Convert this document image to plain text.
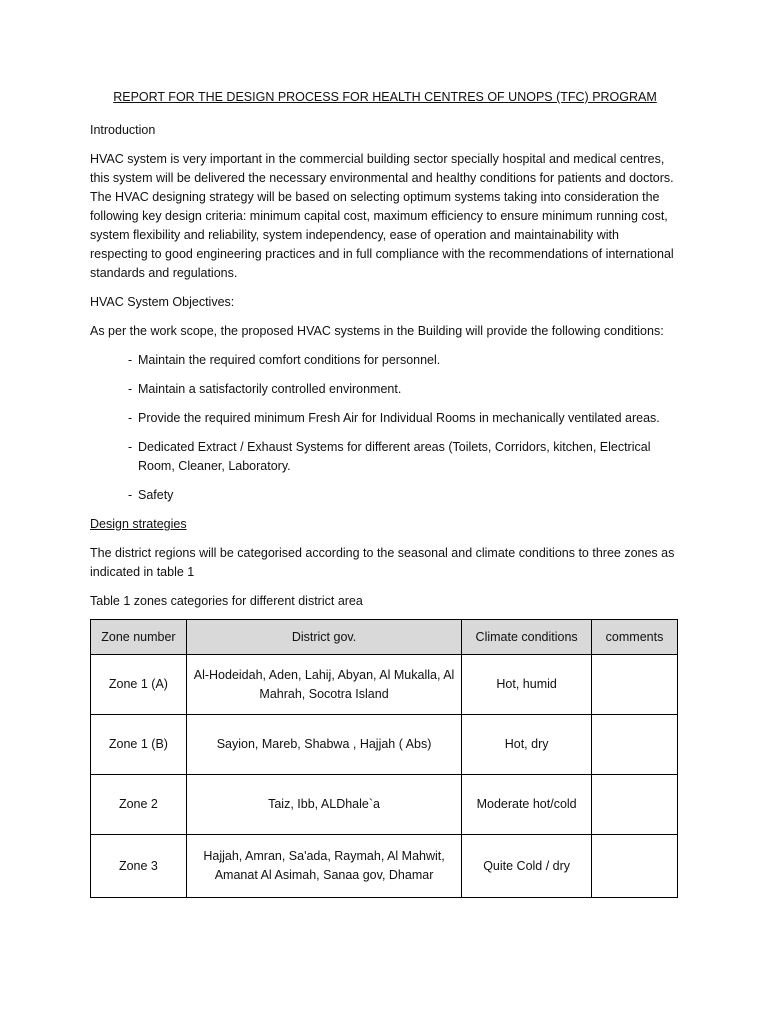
REPORT FOR THE DESIGN PROCESS FOR HEALTH CENTRES OF UNOPS (TFC) PROGRAM
Introduction
HVAC system is very important in the commercial building sector specially hospital and medical centres, this system will be delivered the necessary environmental and healthy conditions for patients and doctors. The HVAC designing strategy will be based on selecting optimum systems taking into consideration the following key design criteria: minimum capital cost, maximum efficiency to ensure minimum running cost, system flexibility and reliability, system independency, ease of operation and maintainability with respecting to good engineering practices and in full compliance with the recommendations of international standards and regulations.
HVAC System Objectives:
As per the work scope, the proposed HVAC systems in the Building will provide the following conditions:
- Maintain the required comfort conditions for personnel.
- Maintain a satisfactorily controlled environment.
- Provide the required minimum Fresh Air for Individual Rooms in mechanically ventilated areas.
- Dedicated Extract / Exhaust Systems for different areas (Toilets, Corridors, kitchen, Electrical Room, Cleaner, Laboratory.
- Safety
Design strategies
The district regions will be categorised according to the seasonal and climate conditions to three zones as indicated in table 1
Table 1 zones categories for different district area
Zone number	District gov.	Climate conditions	comments
Zone 1 (A)	Al-Hodeidah, Aden, Lahij, Abyan, Al Mukalla, Al Mahrah, Socotra Island	Hot, humid	
Zone 1 (B)	Sayion, Mareb, Shabwa , Hajjah ( Abs)	Hot, dry	
Zone 2	Taiz, Ibb, ALDhale`a	Moderate hot/cold	
Zone 3	Hajjah, Amran, Sa'ada, Raymah, Al Mahwit, Amanat Al Asimah, Sanaa gov, Dhamar	Quite Cold / dry	
